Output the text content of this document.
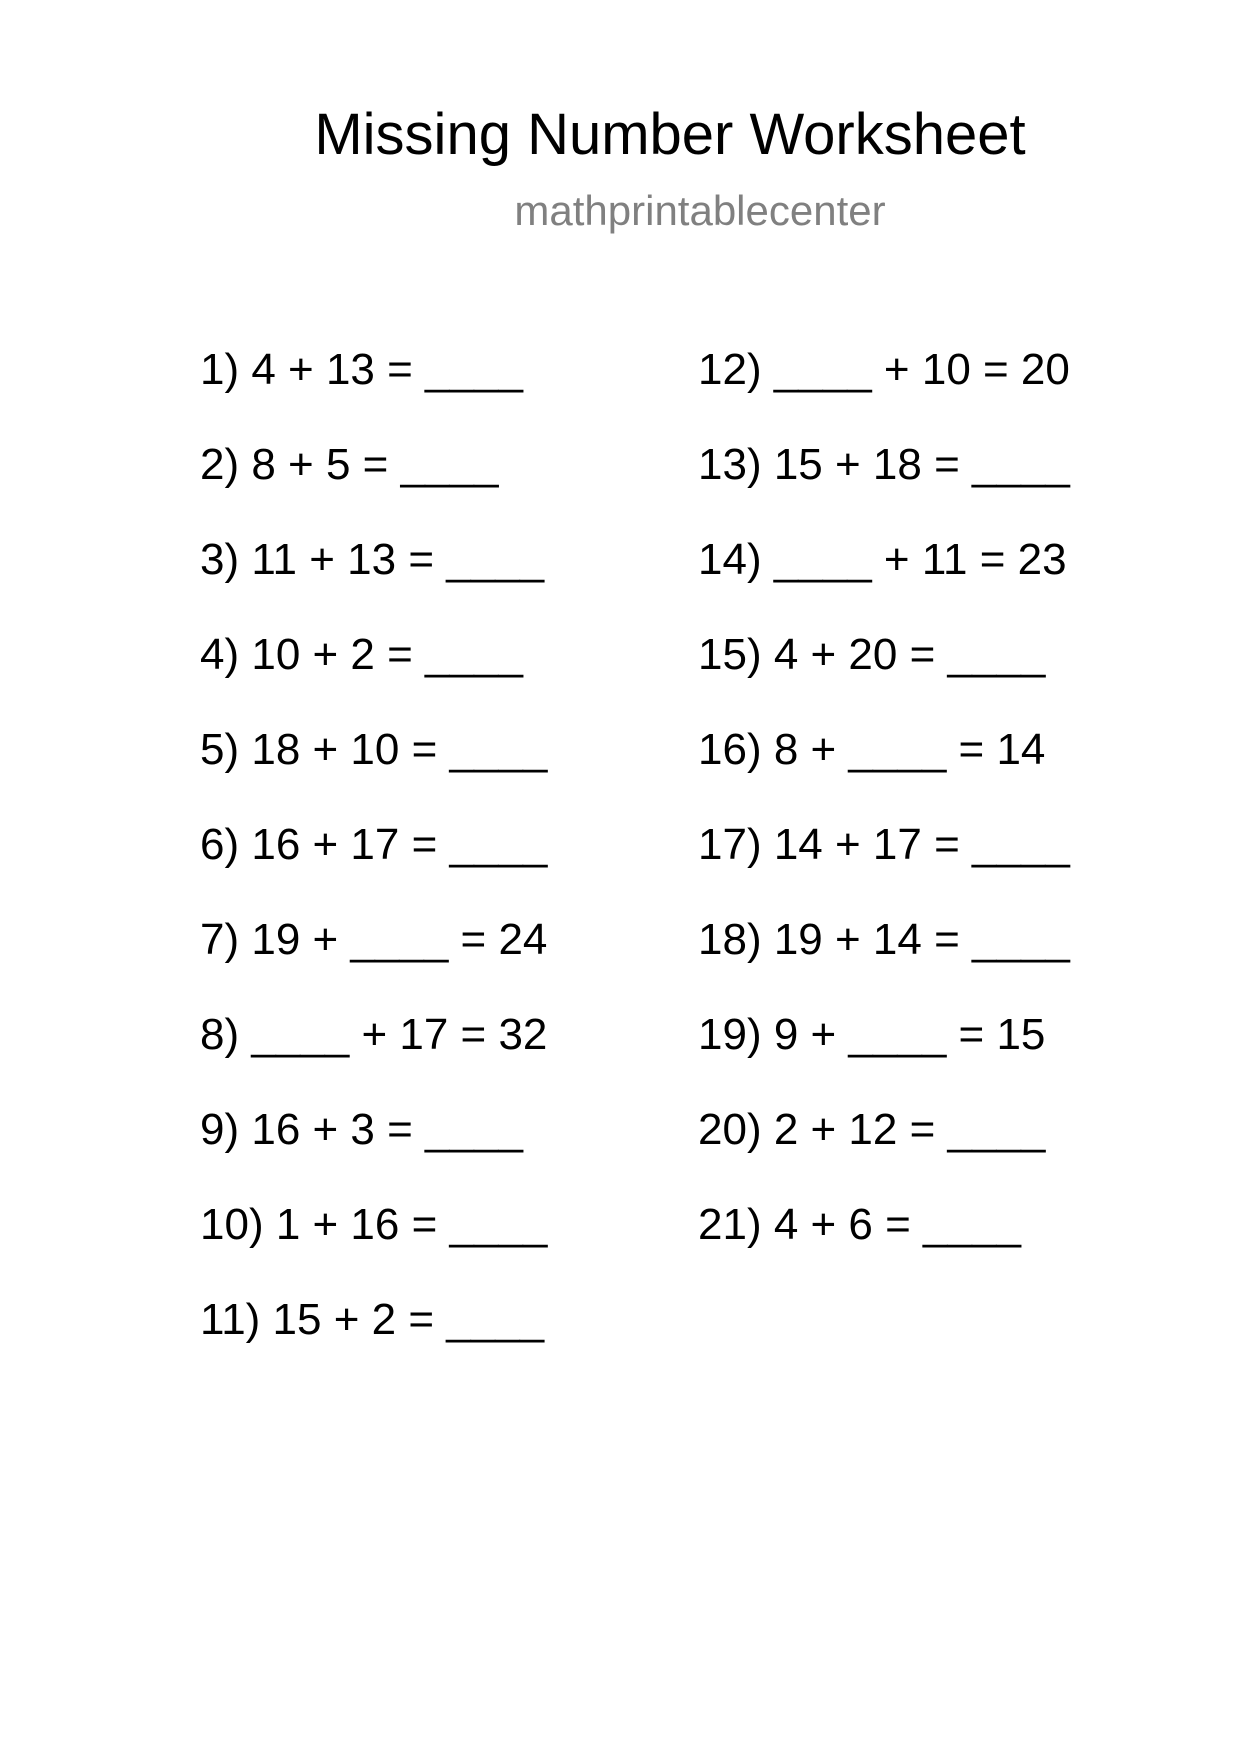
Missing Number Worksheet
mathprintablecenter
1) 4 + 13 = ____
2) 8 + 5 = ____
3) 11 + 13 = ____
4) 10 + 2 = ____
5) 18 + 10 = ____
6) 16 + 17 = ____
7) 19 + ____ = 24
8) ____ + 17 = 32
9) 16 + 3 = ____
10) 1 + 16 = ____
11) 15 + 2 = ____
12) ____ + 10 = 20
13) 15 + 18 = ____
14) ____ + 11 = 23
15) 4 + 20 = ____
16) 8 + ____ = 14
17) 14 + 17 = ____
18) 19 + 14 = ____
19) 9 + ____ = 15
20) 2 + 12 = ____
21) 4 + 6 = ____
